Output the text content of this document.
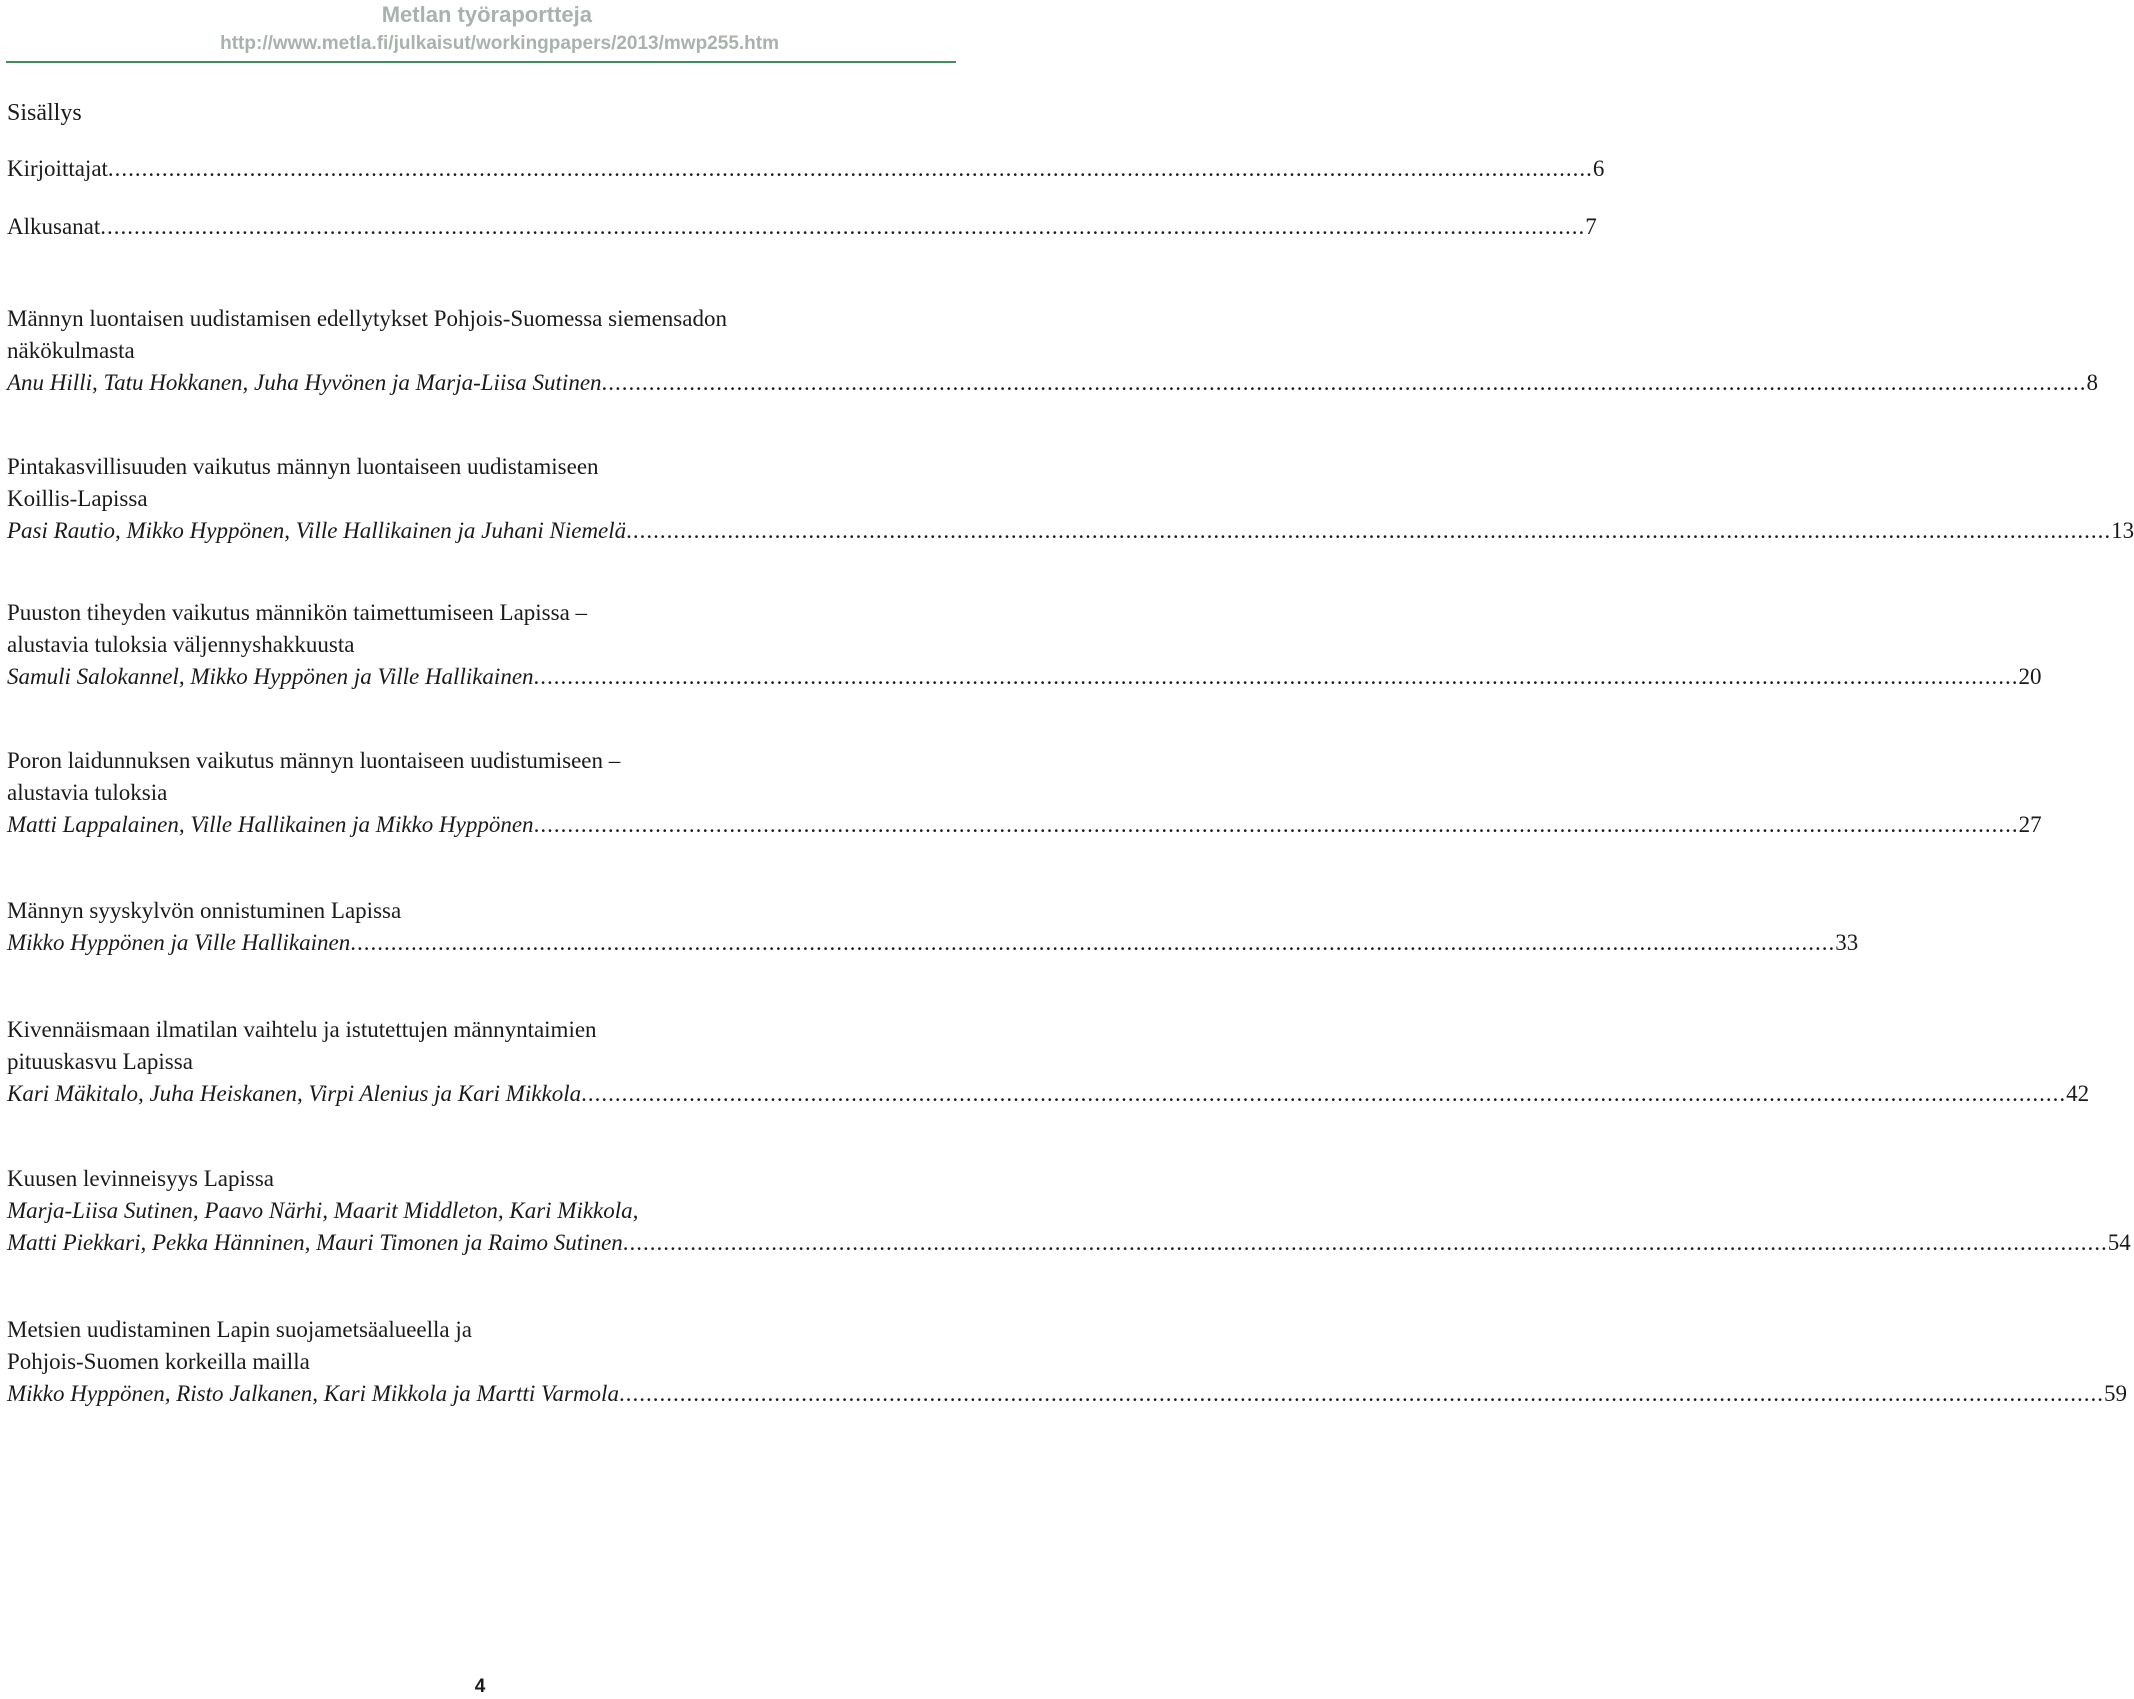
Metlan työraportteja
http://www.metla.fi/julkaisut/workingpapers/2013/mwp255.htm
Sisällys
Kirjoittajat ............................................................................................................................................................................................................................ 6
Alkusanat ............................................................................................................................................................................................................................ 7
Männyn luontaisen uudistamisen edellytykset Pohjois-Suomessa siemensadon
näkökulmasta
Anu Hilli, Tatu Hokkanen, Juha Hyvönen ja Marja-Liisa Sutinen ............................................................................................................................................................................................................................ 8
Pintakasvillisuuden vaikutus männyn luontaiseen uudistamiseen
Koillis-Lapissa
Pasi Rautio, Mikko Hyppönen, Ville Hallikainen ja Juhani Niemelä ............................................................................................................................................................................................................................ 13
Puuston tiheyden vaikutus männikön taimettumiseen Lapissa –
alustavia tuloksia väljennyshakkuusta
Samuli Salokannel, Mikko Hyppönen ja Ville Hallikainen ............................................................................................................................................................................................................................ 20
Poron laidunnuksen vaikutus männyn luontaiseen uudistumiseen –
alustavia tuloksia
Matti Lappalainen, Ville Hallikainen ja Mikko Hyppönen ............................................................................................................................................................................................................................ 27
Männyn syyskylvön onnistuminen Lapissa
Mikko Hyppönen ja Ville Hallikainen ............................................................................................................................................................................................................................ 33
Kivennäismaan ilmatilan vaihtelu ja istutettujen männyntaimien
pituuskasvu Lapissa
Kari Mäkitalo, Juha Heiskanen, Virpi Alenius ja Kari Mikkola ............................................................................................................................................................................................................................ 42
Kuusen levinneisyys Lapissa
Marja-Liisa Sutinen, Paavo Närhi, Maarit Middleton, Kari Mikkola,
Matti Piekkari, Pekka Hänninen, Mauri Timonen ja Raimo Sutinen ............................................................................................................................................................................................................................ 54
Metsien uudistaminen Lapin suojametsäalueella ja
Pohjois-Suomen korkeilla mailla
Mikko Hyppönen, Risto Jalkanen, Kari Mikkola ja Martti Varmola ............................................................................................................................................................................................................................ 59
4
